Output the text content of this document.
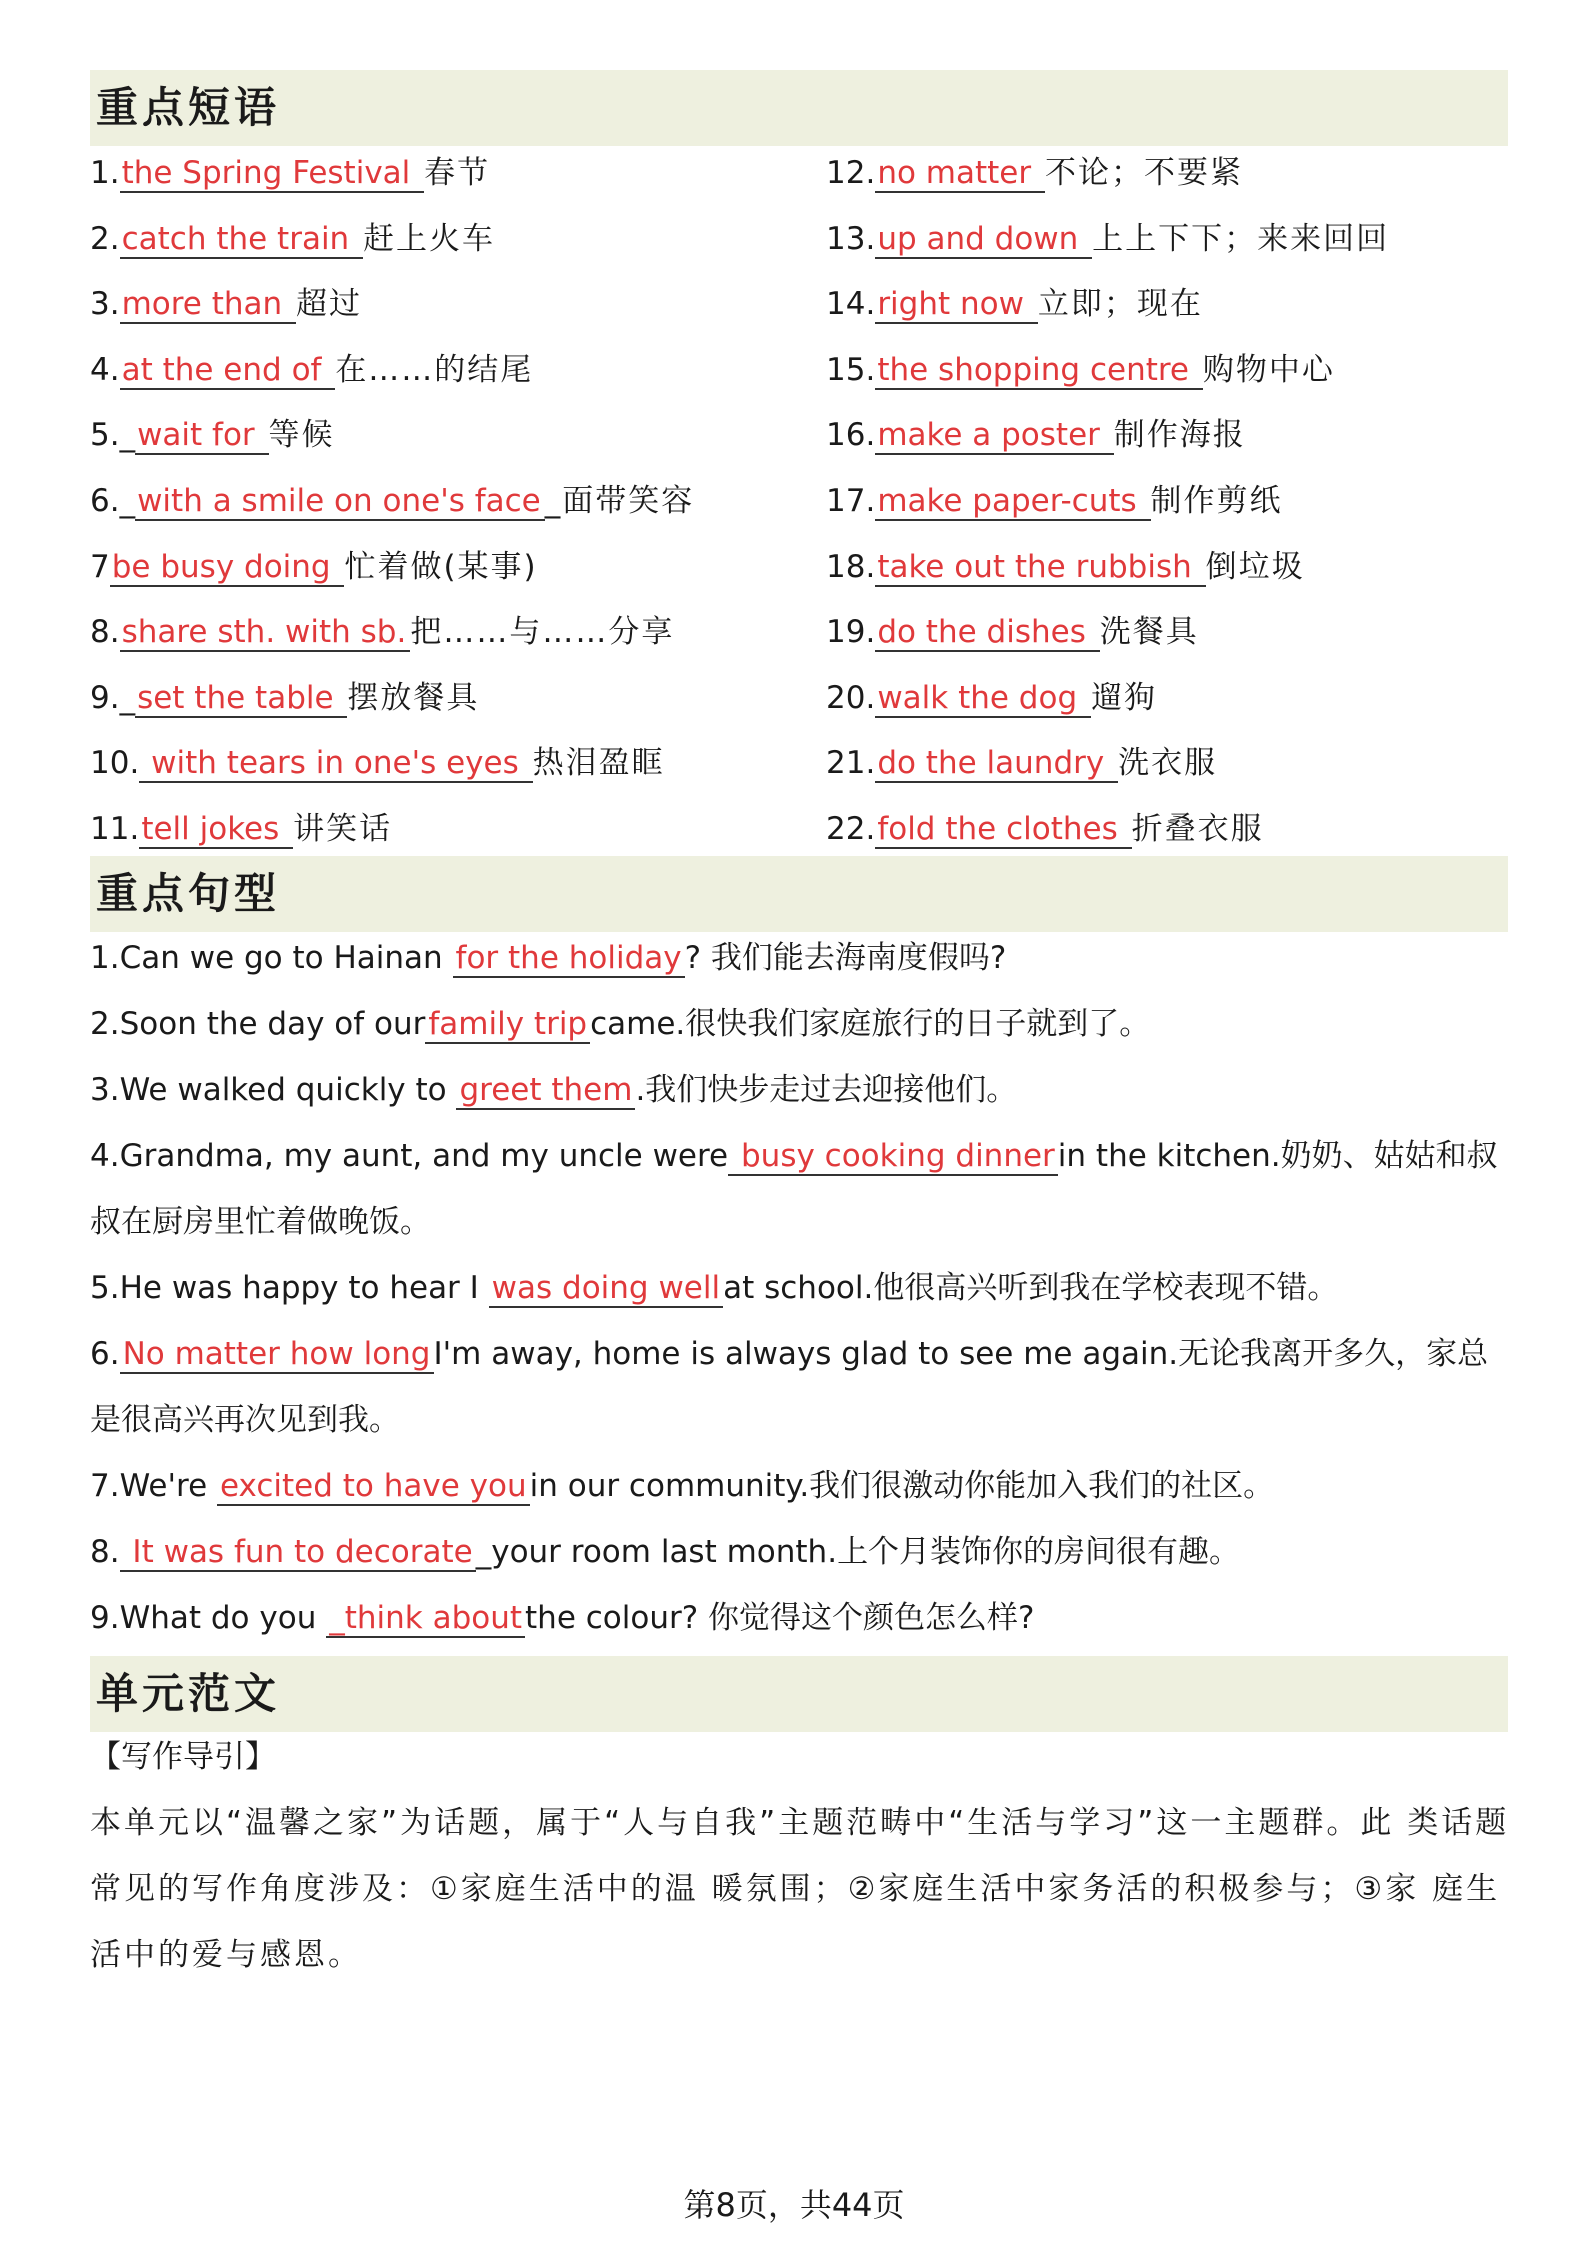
重点短语
1.the Spring Festival 春节
2.catch the train 赶上火车
3.more than 超过
4.at the end of 在……的结尾
5._wait for 等候
6._with a smile on one's face _面带笑容
7be busy doing 忙着做(某事)
8.share sth. with sb. 把……与……分享
9._set the table 摆放餐具
10. with tears in one's eyes 热泪盈眶
11.tell jokes 讲笑话
12.no matter 不论；不要紧
13.up and down 上上下下；来来回回
14.right now 立即；现在
15.the shopping centre 购物中心
16.make a poster 制作海报
17.make paper-cuts 制作剪纸
18.take out the rubbish 倒垃圾
19.do the dishes 洗餐具
20.walk the dog 遛狗
21.do the laundry 洗衣服
22.fold the clothes 折叠衣服
重点句型
1.Can we go to Hainan for the holiday? 我们能去海南度假吗?
2.Soon the day of ourfamily tripcame.很快我们家庭旅行的日子就到了。
3.We walked quickly to greet them.我们快步走过去迎接他们。
4.Grandma, my aunt, and my uncle were busy cooking dinnerin the kitchen.奶奶、姑姑和叔叔在厨房里忙着做晚饭。
5.He was happy to hear I was doing wellat school.他很高兴听到我在学校表现不错。
6.No matter how longI'm away, home is always glad to see me again.无论我离开多久，家总是很高兴再次见到我。
7.We're excited to have youin our community.我们很激动你能加入我们的社区。
8. It was fun to decorate_your room last month.上个月装饰你的房间很有趣。
9.What do you _think aboutthe colour? 你觉得这个颜色怎么样?
单元范文
【写作导引】
本单元以“温馨之家”为话题，属于“人与自我”主题范畴中“生活与学习”这一主题群。此 类话题常见的写作角度涉及：①家庭生活中的温 暖氛围；②家庭生活中家务活的积极参与；③家 庭生活中的爱与感恩。
第8页，共44页
